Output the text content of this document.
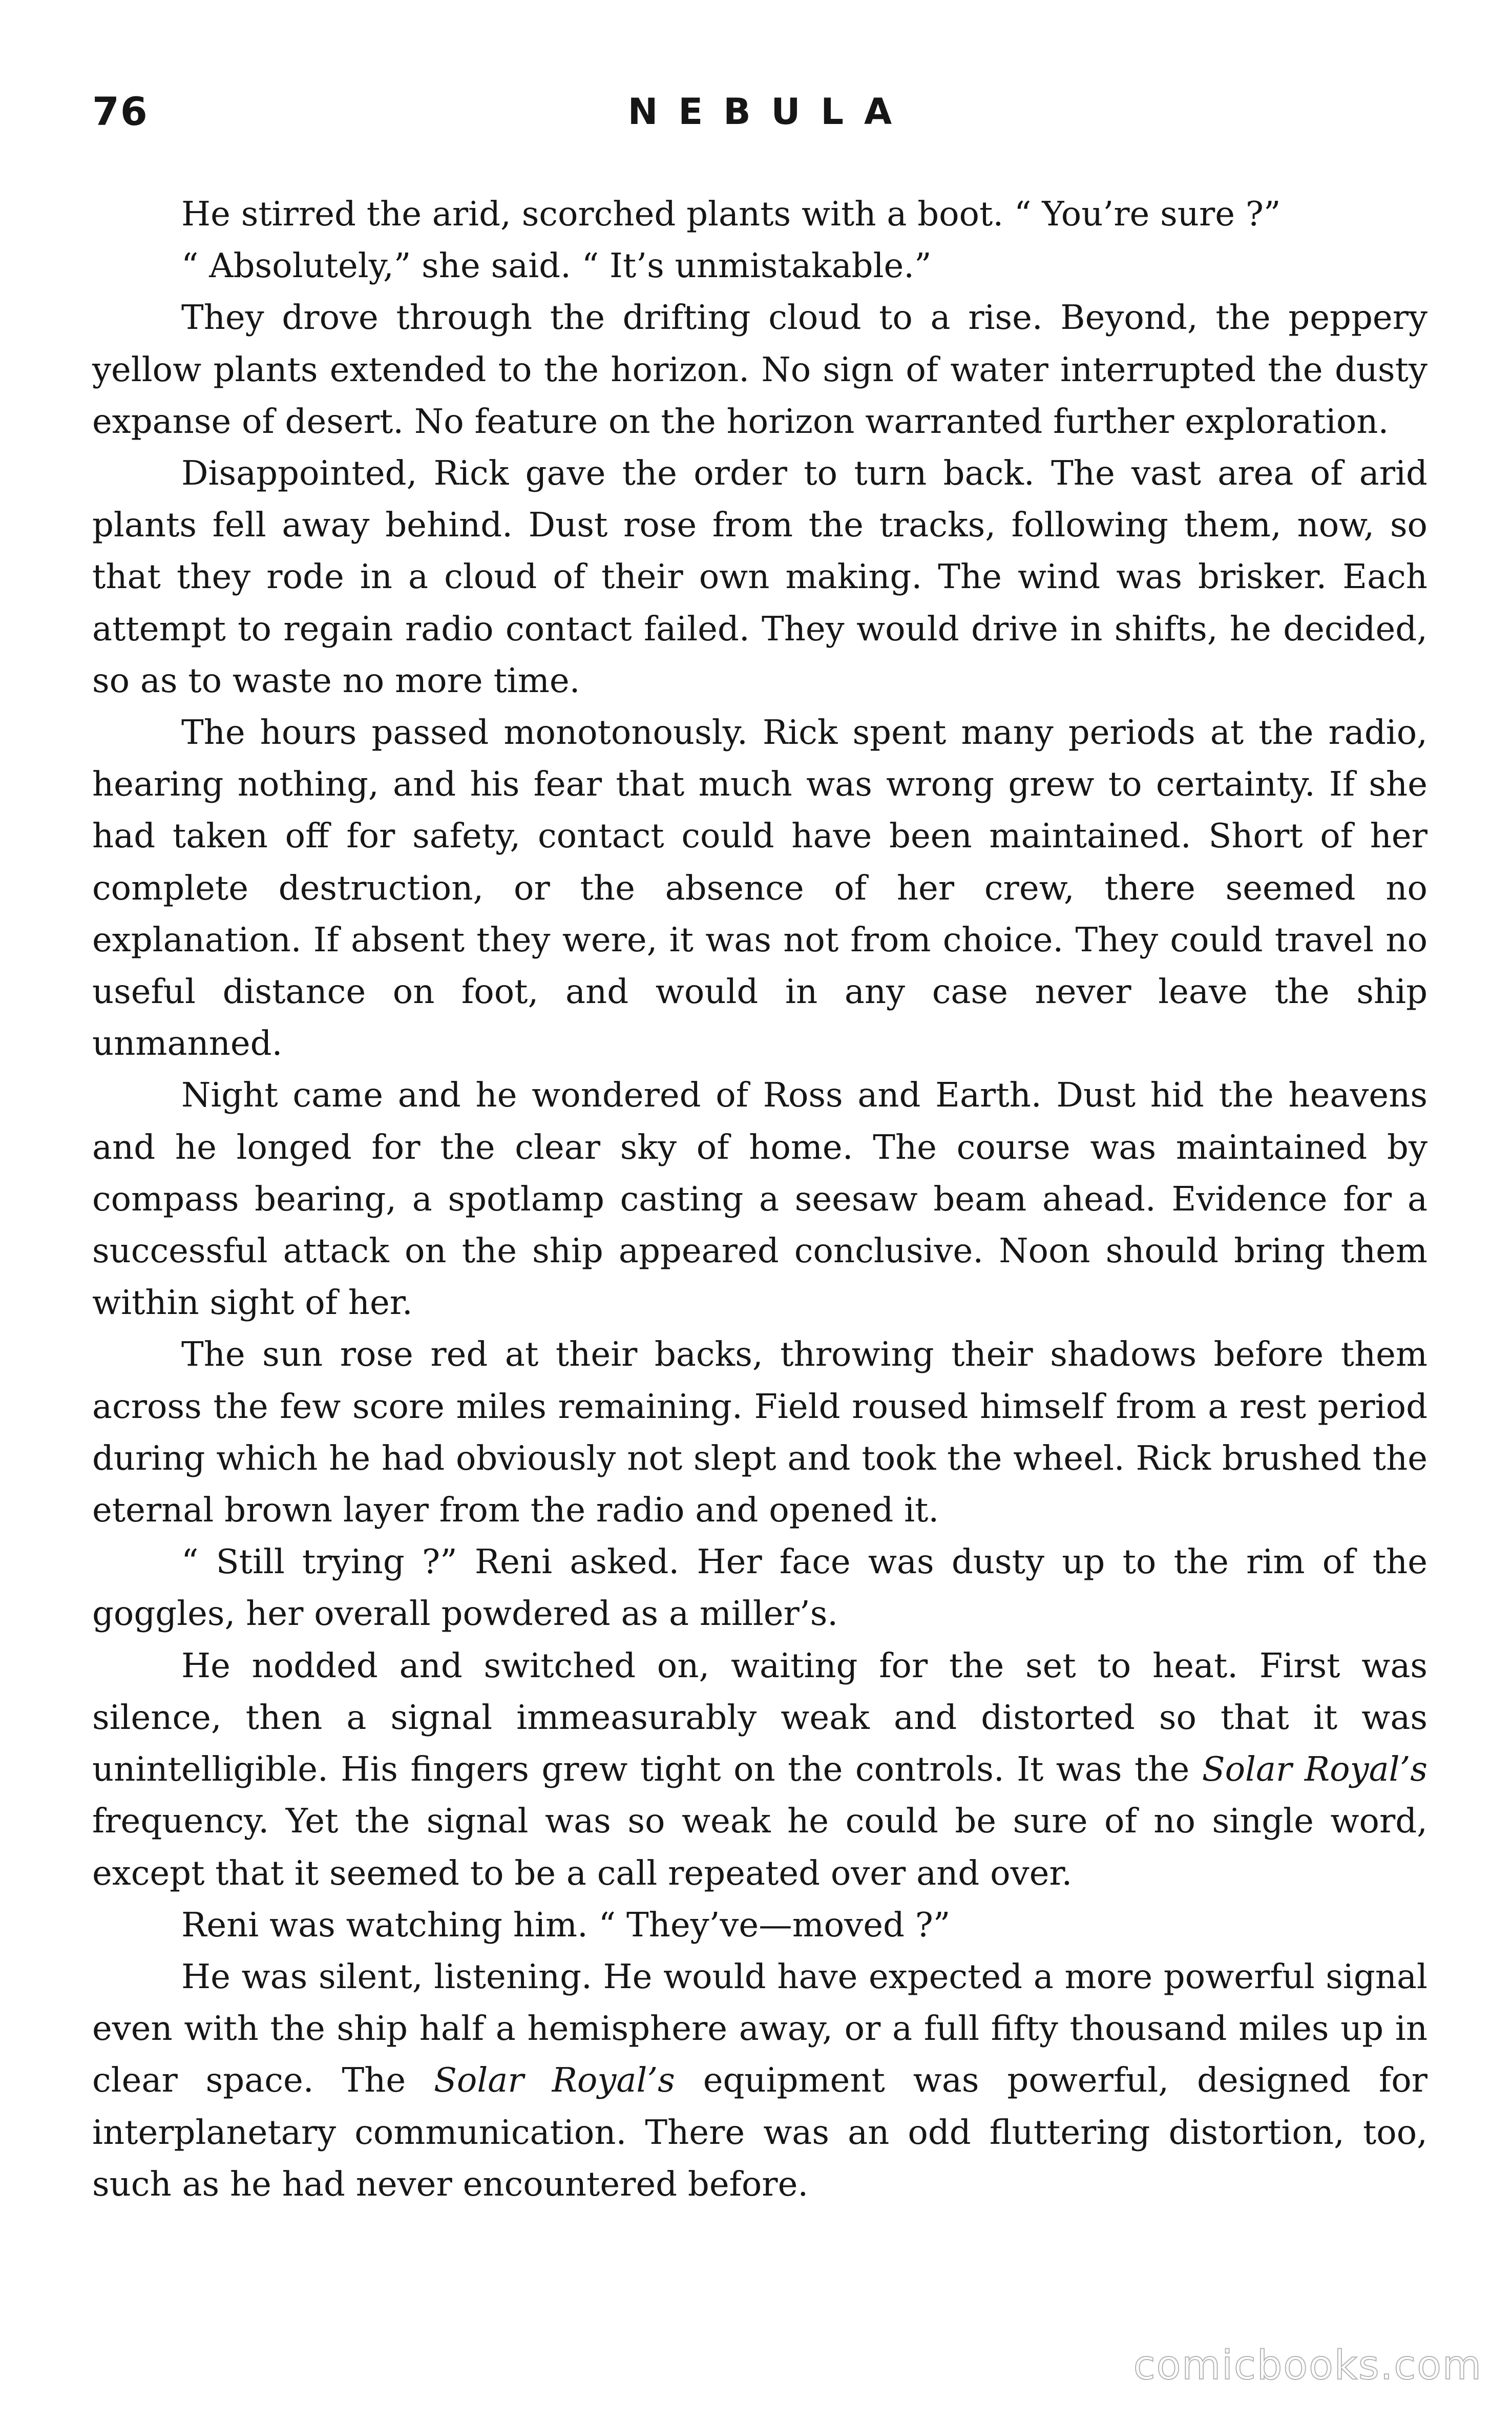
76	NEBULA

He stirred the arid, scorched plants with a boot. “ You’re sure ?”

“ Absolutely,” she said. “ It’s unmistakable.”

They drove through the drifting cloud to a rise. Beyond, the peppery yellow plants extended to the horizon. No sign of water interrupted the dusty expanse of desert. No feature on the horizon warranted further exploration.

Disappointed, Rick gave the order to turn back. The vast area of arid plants fell away behind. Dust rose from the tracks, following them, now, so that they rode in a cloud of their own making. The wind was brisker. Each attempt to regain radio contact failed. They would drive in shifts, he decided, so as to waste no more time.

The hours passed monotonously. Rick spent many periods at the radio, hearing nothing, and his fear that much was wrong grew to certainty. If she had taken off for safety, contact could have been maintained. Short of her complete destruction, or the absence of her crew, there seemed no explanation. If absent they were, it was not from choice. They could travel no useful distance on foot, and would in any case never leave the ship unmanned.

Night came and he wondered of Ross and Earth. Dust hid the heavens and he longed for the clear sky of home. The course was maintained by compass bearing, a spotlamp casting a seesaw beam ahead. Evidence for a successful attack on the ship appeared conclusive. Noon should bring them within sight of her.

The sun rose red at their backs, throwing their shadows before them across the few score miles remaining. Field roused himself from a rest period during which he had obviously not slept and took the wheel. Rick brushed the eternal brown layer from the radio and opened it.

“ Still trying ?” Reni asked. Her face was dusty up to the rim of the goggles, her overall powdered as a miller’s.

He nodded and switched on, waiting for the set to heat. First was silence, then a signal immeasurably weak and distorted so that it was unintelligible. His fingers grew tight on the controls. It was the Solar Royal’s frequency. Yet the signal was so weak he could be sure of no single word, except that it seemed to be a call repeated over and over.

Reni was watching him. “ They’ve—moved ?”

He was silent, listening. He would have expected a more powerful signal even with the ship half a hemisphere away, or a full fifty thousand miles up in clear space. The Solar Royal’s equipment was powerful, designed for interplanetary communication. There was an odd fluttering distortion, too, such as he had never encountered before.

comicbooks.com
